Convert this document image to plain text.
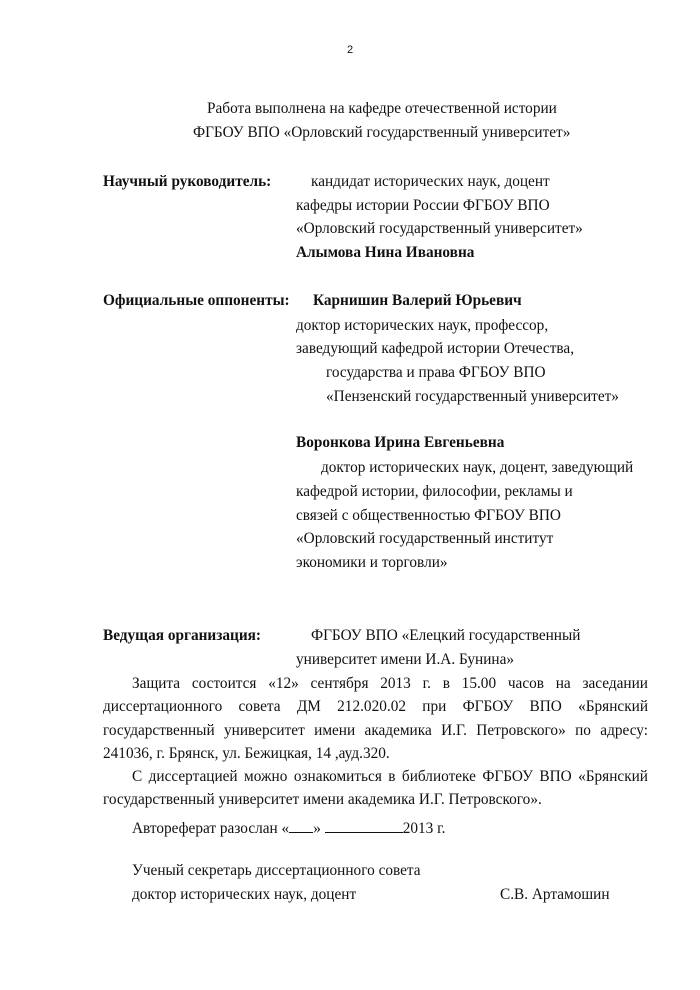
2
Работа выполнена на кафедре отечественной истории
ФГБОУ ВПО «Орловский государственный университет»
Научный руководитель:	кандидат исторических наук, доцент
кафедры истории России ФГБОУ ВПО
«Орловский государственный университет»
Алымова Нина Ивановна
Официальные оппоненты: Карнишин Валерий Юрьевич
доктор исторических наук, профессор,
заведующий кафедрой истории Отечества,
государства и права ФГБОУ ВПО
«Пензенский государственный университет»
Воронкова Ирина Евгеньевна
доктор исторических наук, доцент, заведующий
кафедрой истории, философии, рекламы и
связей с общественностью ФГБОУ ВПО
«Орловский государственный институт
экономики и торговли»
Ведущая организация:	ФГБОУ ВПО «Елецкий государственный
университет имени И.А. Бунина»
Защита состоится «12» сентября 2013 г. в 15.00 часов на заседании диссертационного совета ДМ 212.020.02 при ФГБОУ ВПО «Брянский государственный университет имени академика И.Г. Петровского» по адресу: 241036, г. Брянск, ул. Бежицкая, 14 ,ауд.320.
С диссертацией можно ознакомиться в библиотеке ФГБОУ ВПО «Брянский государственный университет имени академика И.Г. Петровского».
Автореферат разослан « »	2013 г.
Ученый секретарь диссертационного совета
доктор исторических наук, доцент	С.В. Артамошин
